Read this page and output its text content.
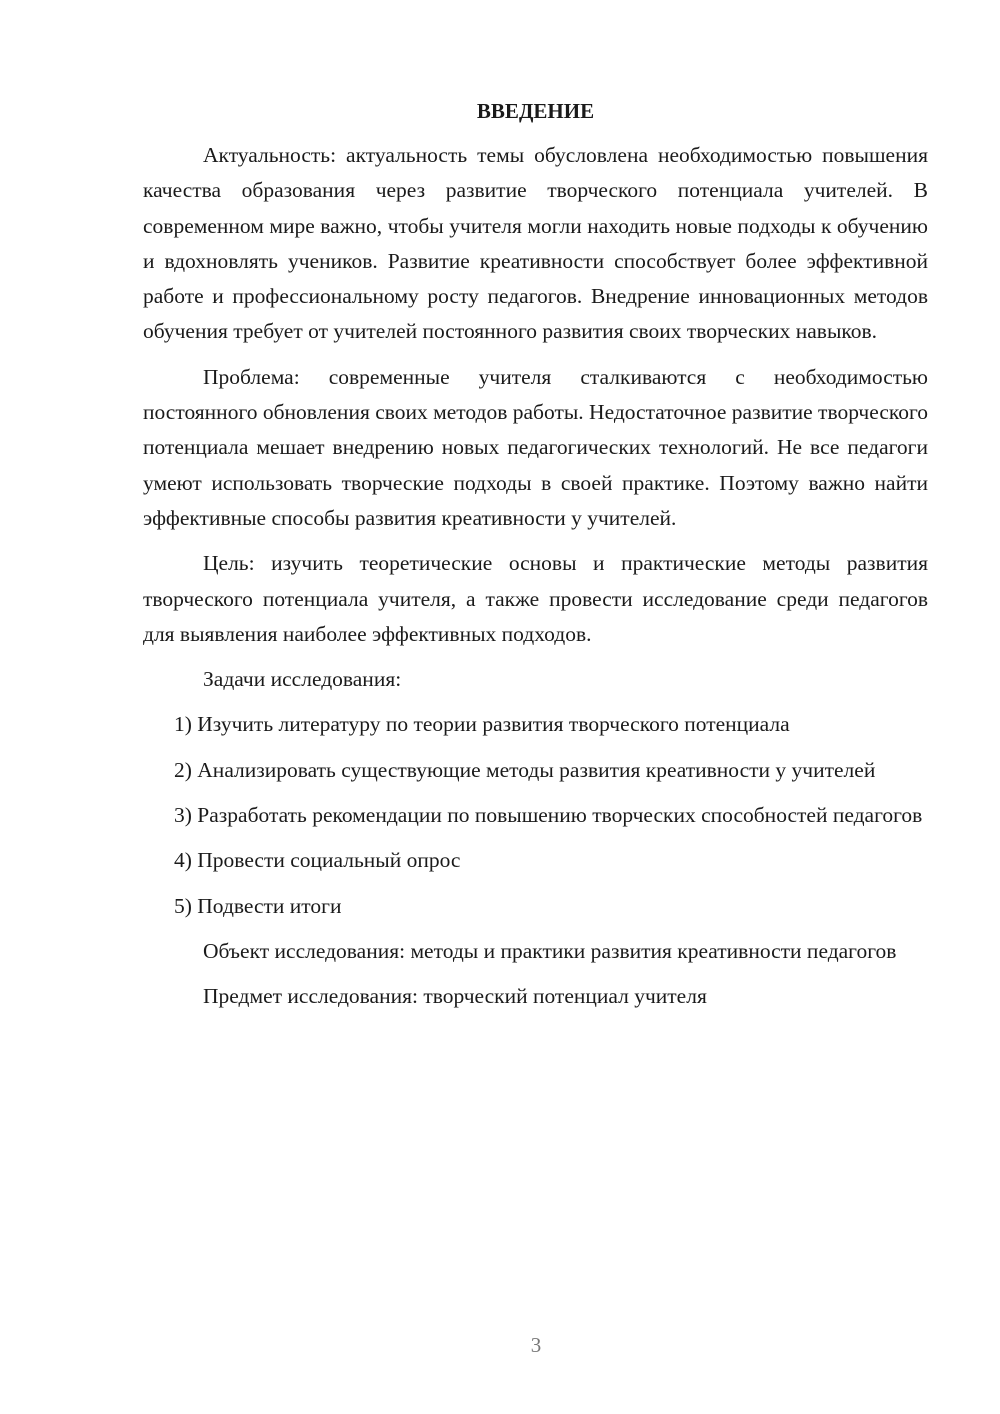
ВВЕДЕНИЕ

Актуальность: актуальность темы обусловлена необходимостью повышения качества образования через развитие творческого потенциала учителей. В современном мире важно, чтобы учителя могли находить новые подходы к обучению и вдохновлять учеников. Развитие креативности способствует более эффективной работе и профессиональному росту педагогов. Внедрение инновационных методов обучения требует от учителей постоянного развития своих творческих навыков.

Проблема: современные учителя сталкиваются с необходимостью постоянного обновления своих методов работы. Недостаточное развитие творческого потенциала мешает внедрению новых педагогических технологий. Не все педагоги умеют использовать творческие подходы в своей практике. Поэтому важно найти эффективные способы развития креативности у учителей.

Цель: изучить теоретические основы и практические методы развития творческого потенциала учителя, а также провести исследование среди педагогов для выявления наиболее эффективных подходов.

Задачи исследования:

1) Изучить литературу по теории развития творческого потенциала

2) Анализировать существующие методы развития креативности у учителей

3) Разработать рекомендации по повышению творческих способностей педагогов

4) Провести социальный опрос

5) Подвести итоги

Объект исследования: методы и практики развития креативности педагогов

Предмет исследования: творческий потенциал учителя

3
